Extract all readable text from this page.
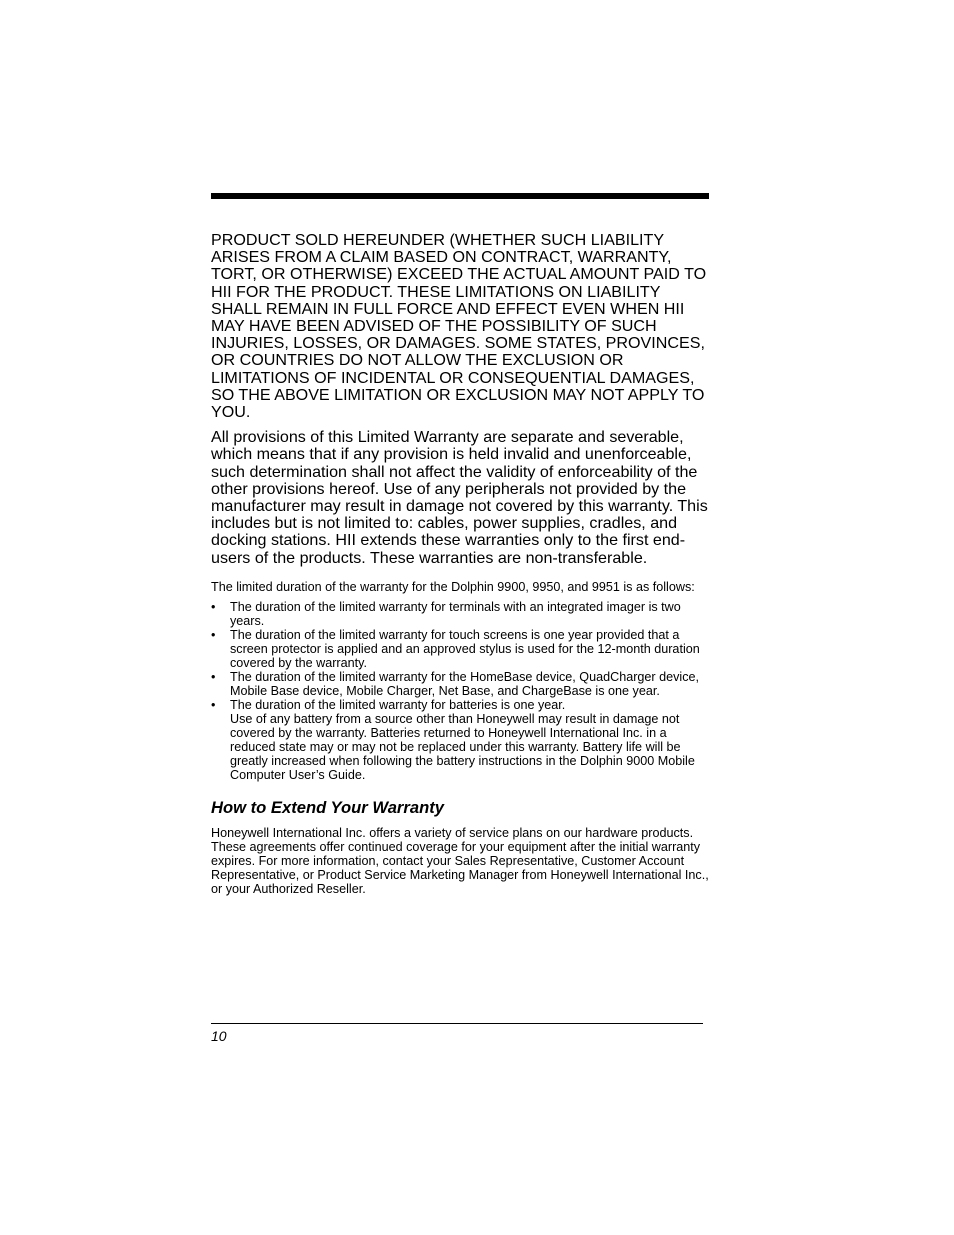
PRODUCT SOLD HEREUNDER (WHETHER SUCH LIABILITY ARISES FROM A CLAIM BASED ON CONTRACT, WARRANTY, TORT, OR OTHERWISE) EXCEED THE ACTUAL AMOUNT PAID TO HII FOR THE PRODUCT. THESE LIMITATIONS ON LIABILITY SHALL REMAIN IN FULL FORCE AND EFFECT EVEN WHEN HII MAY HAVE BEEN ADVISED OF THE POSSIBILITY OF SUCH INJURIES, LOSSES, OR DAMAGES. SOME STATES, PROVINCES, OR COUNTRIES DO NOT ALLOW THE EXCLUSION OR LIMITATIONS OF INCIDENTAL OR CONSEQUENTIAL DAMAGES, SO THE ABOVE LIMITATION OR EXCLUSION MAY NOT APPLY TO YOU.

All provisions of this Limited Warranty are separate and severable, which means that if any provision is held invalid and unenforceable, such determination shall not affect the validity of enforceability of the other provisions hereof. Use of any peripherals not provided by the manufacturer may result in damage not covered by this warranty. This includes but is not limited to: cables, power supplies, cradles, and docking stations. HII extends these warranties only to the first end-users of the products. These warranties are non-transferable.

The limited duration of the warranty for the Dolphin 9900, 9950, and 9951 is as follows:

• The duration of the limited warranty for terminals with an integrated imager is two years.
• The duration of the limited warranty for touch screens is one year provided that a screen protector is applied and an approved stylus is used for the 12-month duration covered by the warranty.
• The duration of the limited warranty for the HomeBase device, QuadCharger device, Mobile Base device, Mobile Charger, Net Base, and ChargeBase is one year.
• The duration of the limited warranty for batteries is one year.
Use of any battery from a source other than Honeywell may result in damage not covered by the warranty. Batteries returned to Honeywell International Inc. in a reduced state may or may not be replaced under this warranty. Battery life will be greatly increased when following the battery instructions in the Dolphin 9000 Mobile Computer User’s Guide.
How to Extend Your Warranty

Honeywell International Inc. offers a variety of service plans on our hardware products. These agreements offer continued coverage for your equipment after the initial warranty expires. For more information, contact your Sales Representative, Customer Account Representative, or Product Service Marketing Manager from Honeywell International Inc., or your Authorized Reseller.

10
